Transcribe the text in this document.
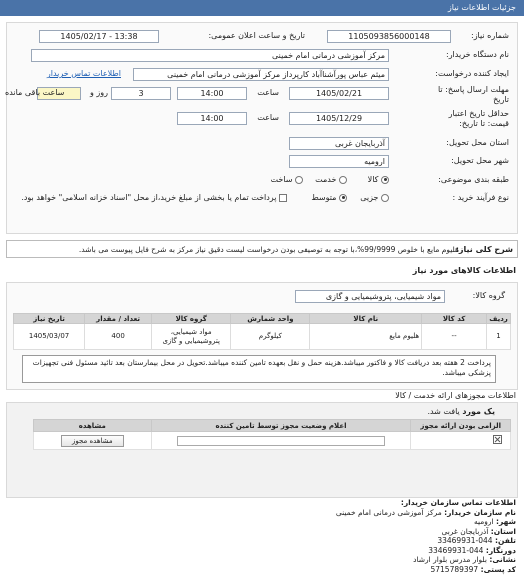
جزئیات اطلاعات نیاز
شماره نیاز:
1105093856000148
تاریخ و ساعت اعلان عمومی:
1405/02/17 - 13:38
نام دستگاه خریدار:
مرکز آموزشی درمانی امام خمینی
ایجاد کننده درخواست:
میثم عباس پورآشناآباد کارپرداز مرکز آموزشی درمانی امام خمینی
اطلاعات تماس خریدار
مهلت ارسال پاسخ: تا
تاریخ
1405/02/21
ساعت
14:00
3
روز و
ساعت باقی مانده
حداقل تاریخ اعتبار
قیمت: تا تاریخ:
1405/12/29
ساعت
14:00
استان محل تحویل:
آذربایجان غربی
شهر محل تحویل:
ارومیه
طبقه بندی موضوعی:
کالا
خدمت
ساخت
نوع فرآیند خرید :
جزیی
متوسط
پرداخت تمام یا بخشی از مبلغ خرید،از محل "اسناد خزانه اسلامی" خواهد بود.
شرح کلی نیاز:
هلیوم مایع با خلوص 99/9999%،با توجه به توصیفی بودن درخواست لیست دقیق نیاز مرکز به شرح فایل پیوست می باشد.
اطلاعات کالاهای مورد نیاز
گروه کالا:
مواد شیمیایی، پتروشیمیایی و گازی
ردیف	کد کالا	نام کالا	واحد شمارش	گروه کالا	تعداد / مقدار	تاریخ نیاز
1	--	هلیوم مایع	کیلوگرم	مواد شیمیایی، پتروشیمیایی و گازی	400	1405/03/07
پرداخت 2 هفته بعد دریافت کالا و فاکتور میباشد.هزینه حمل و نقل بعهده تامین کننده میباشد.تحویل در محل بیمارستان بعد تائید مسئول فنی تجهیزات پزشکی میباشد.
اطلاعات مجوزهای ارائه خدمت / کالا
یک مورد یافت شد.
الزامی بودن ارائه مجوز	اعلام وضعیت مجوز توسط تامین کننده	مشاهده

	مشاهده مجوز
اطلاعات تماس سازمان خریدار:
نام سازمان خریدار: مرکز آموزشی درمانی امام خمینی
شهر: ارومیه
استان: آذربایجان غربی
تلفن: 044-33469931
دورنگار: 044-33469931
نشانی: بلوار مدرس بلوار ارشاد
کد پستی: 5715789397
